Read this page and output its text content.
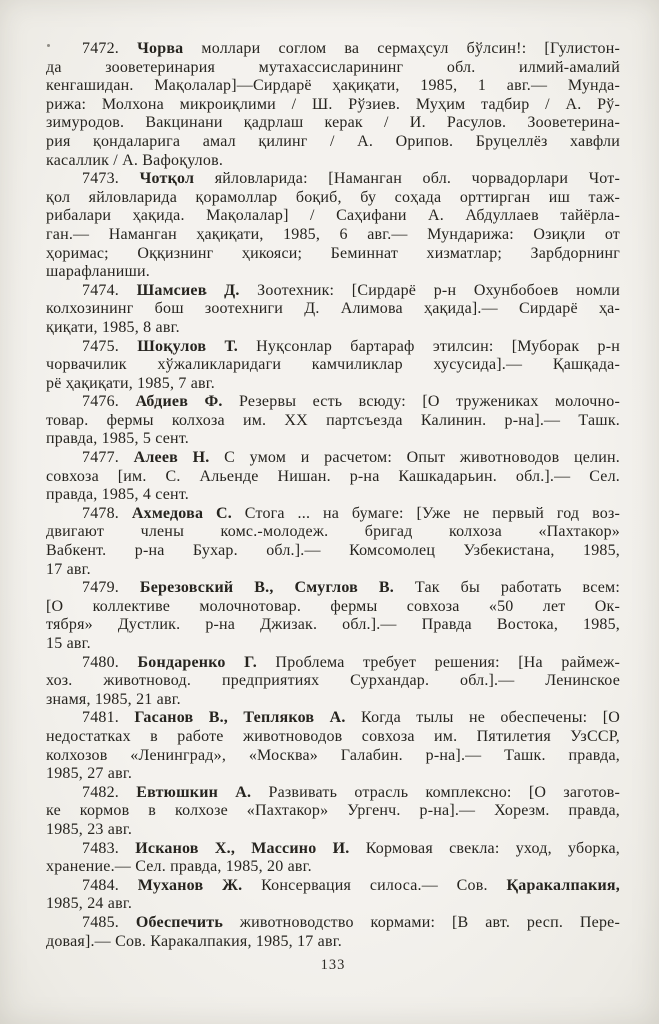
7472. Чорва моллари соглом ва сермаҳсул бўлсин!: [Гулистон-
да зооветеринария мутахассисларининг обл. илмий-амалий
кенгашидан. Мақолалар]—Сирдарё ҳақиқати, 1985, 1 авг.— Мунда-
рижа: Молхона микроиқлими / Ш. Рўзиев. Муҳим тадбир / А. Рў-
зимуродов. Вакцинани қадрлаш керак / И. Расулов. Зооветерина-
рия қондаларига амал қилинг / А. Орипов. Бруцеллёз хавфли
касаллик / А. Вафоқулов.
7473. Чотқол яйловларида: [Наманган обл. чорвадорлари Чот-
қол яйловларида қорамоллар боқиб, бу соҳада орттирган иш таж-
рибалари ҳақида. Мақолалар] / Саҳифани А. Абдуллаев тайёрла-
ган.— Наманган ҳақиқати, 1985, 6 авг.— Мундарижа: Озиқли от
ҳоримас; Оққизнинг ҳикояси; Беминнат хизматлар; Зарбдорнинг
шарафланиши.
7474. Шамсиев Д. Зоотехник: [Сирдарё р-н Охунбобоев номли
колхозининг бош зоотехниги Д. Алимова ҳақида].— Сирдарё ҳа-
қиқати, 1985, 8 авг.
7475. Шоқулов Т. Нуқсонлар бартараф этилсин: [Муборак р-н
чорвачилик хўжаликларидаги камчиликлар хусусида].— Қашқада-
рё ҳақиқати, 1985, 7 авг.
7476. Абдиев Ф. Резервы есть всюду: [О тружениках молочно-
товар. фермы колхоза им. XX партсъезда Калинин. р-на].— Ташк.
правда, 1985, 5 сент.
7477. Алеев Н. С умом и расчетом: Опыт животноводов целин.
совхоза [им. С. Альенде Нишан. р-на Кашкадарьин. обл.].— Сел.
правда, 1985, 4 сент.
7478. Ахмедова С. Стога ... на бумаге: [Уже не первый год воз-
двигают члены комс.-молодеж. бригад колхоза «Пахтакор»
Вабкент. р-на Бухар. обл.].— Комсомолец Узбекистана, 1985,
17 авг.
7479. Березовский В., Смуглов В. Так бы работать всем:
[О коллективе молочнотовар. фермы совхоза «50 лет Ок-
тября» Дустлик. р-на Джизак. обл.].— Правда Востока, 1985,
15 авг.
7480. Бондаренко Г. Проблема требует решения: [На раймеж-
хоз. животновод. предприятиях Сурхандар. обл.].— Ленинское
знамя, 1985, 21 авг.
7481. Гасанов В., Тепляков А. Когда тылы не обеспечены: [О
недостатках в работе животноводов совхоза им. Пятилетия УзССР,
колхозов «Ленинград», «Москва» Галабин. р-на].— Ташк. правда,
1985, 27 авг.
7482. Евтюшкин А. Развивать отрасль комплексно: [О заготов-
ке кормов в колхозе «Пахтакор» Ургенч. р-на].— Хорезм. правда,
1985, 23 авг.
7483. Исканов Х., Массино И. Кормовая свекла: уход, уборка,
хранение.— Сел. правда, 1985, 20 авг.
7484. Муханов Ж. Консервация силоса.— Сов. Қаракалпакия,
1985, 24 авг.
7485. Обеспечить животноводство кормами: [В авт. респ. Пере-
довая].— Сов. Каракалпакия, 1985, 17 авг.
133
